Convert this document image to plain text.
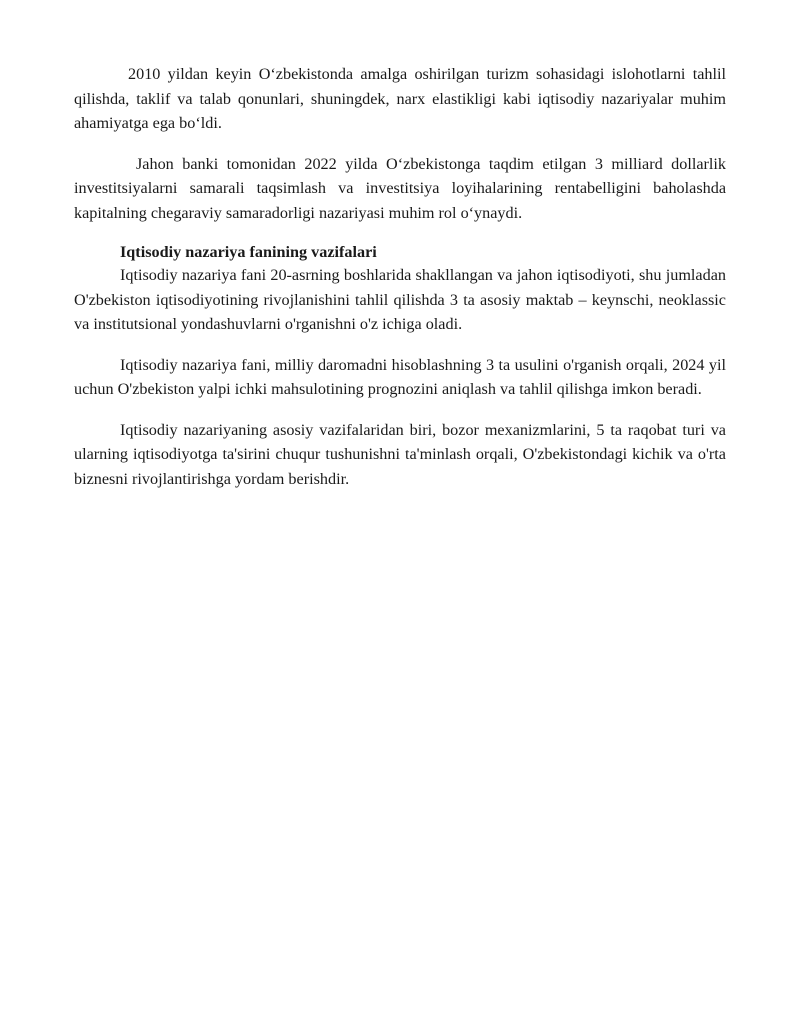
2010 yildan keyin O‘zbekistonda amalga oshirilgan turizm sohasidagi islohotlarni tahlil qilishda, taklif va talab qonunlari, shuningdek, narx elastikligi kabi iqtisodiy nazariyalar muhim ahamiyatga ega bo‘ldi.

Jahon banki tomonidan 2022 yilda O‘zbekistonga taqdim etilgan 3 milliard dollarlik investitsiyalarni samarali taqsimlash va investitsiya loyihalarining rentabelligini baholashda kapitalning chegaraviy samaradorligi nazariyasi muhim rol o‘ynaydi.

Iqtisodiy nazariya fanining vazifalari

Iqtisodiy nazariya fani 20-asrning boshlarida shakllangan va jahon iqtisodiyoti, shu jumladan O'zbekiston iqtisodiyotining rivojlanishini tahlil qilishda 3 ta asosiy maktab – keynschi, neoklassic va institutsional yondashuvlarni o'rganishni o'z ichiga oladi.

Iqtisodiy nazariya fani, milliy daromadni hisoblashning 3 ta usulini o'rganish orqali, 2024 yil uchun O'zbekiston yalpi ichki mahsulotining prognozini aniqlash va tahlil qilishga imkon beradi.

Iqtisodiy nazariyaning asosiy vazifalaridan biri, bozor mexanizmlarini, 5 ta raqobat turi va ularning iqtisodiyotga ta'sirini chuqur tushunishni ta'minlash orqali, O'zbekistondagi kichik va o'rta biznesni rivojlantirishga yordam berishdir.
